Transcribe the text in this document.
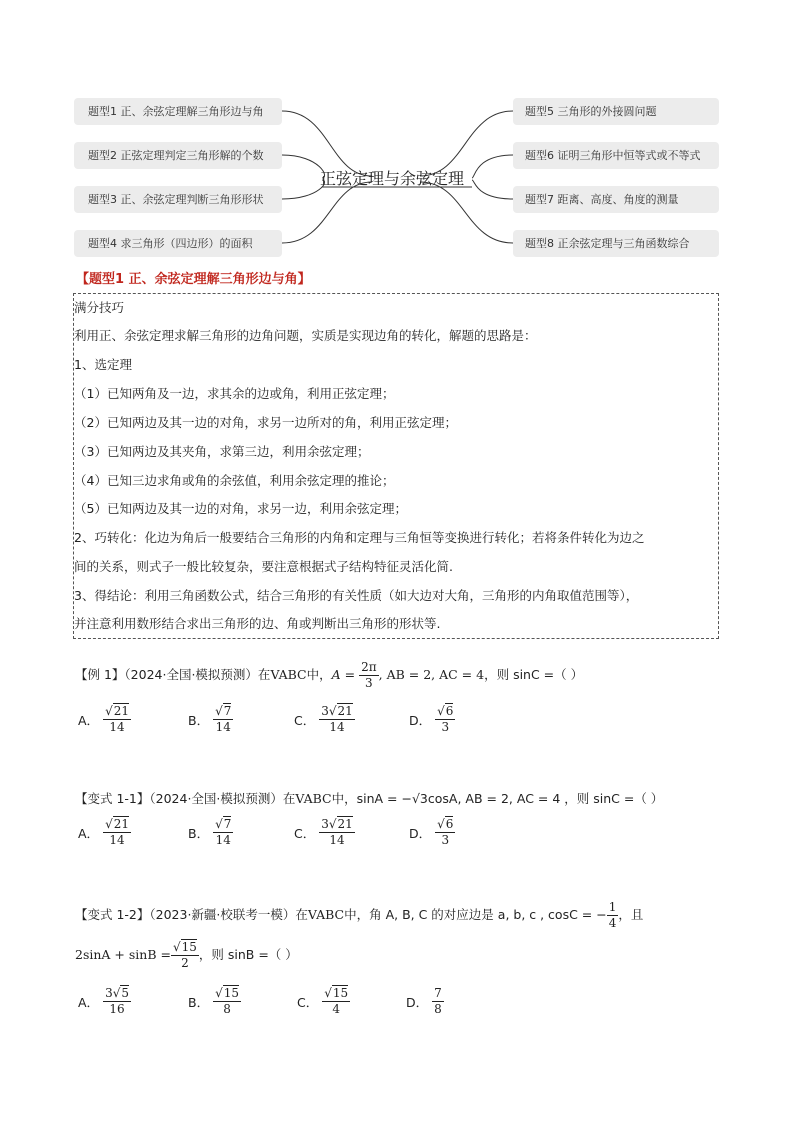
题型1 正、余弦定理解三角形边与角
题型2 正弦定理判定三角形解的个数
题型3 正、余弦定理判断三角形形状
题型4 求三角形（四边形）的面积
题型5 三角形的外接圆问题
题型6 证明三角形中恒等式或不等式
题型7 距离、高度、角度的测量
题型8 正余弦定理与三角函数综合
正弦定理与余弦定理
【题型1 正、余弦定理解三角形边与角】
满分技巧
利用正、余弦定理求解三角形的边角问题，实质是实现边角的转化，解题的思路是：
1、选定理
（1）已知两角及一边，求其余的边或角，利用正弦定理；
（2）已知两边及其一边的对角，求另一边所对的角，利用正弦定理；
（3）已知两边及其夹角，求第三边，利用余弦定理；
（4）已知三边求角或角的余弦值，利用余弦定理的推论；
（5）已知两边及其一边的对角，求另一边，利用余弦定理；
2、巧转化：化边为角后一般要结合三角形的内角和定理与三角恒等变换进行转化；若将条件转化为边之
间的关系，则式子一般比较复杂，要注意根据式子结构特征灵活化简.
3、得结论：利用三角函数公式，结合三角形的有关性质（如大边对大角，三角形的内角取值范围等），
并注意利用数形结合求出三角形的边、角或判断出三角形的形状等.
【例 1】（2024·全国·模拟预测）在VABC中，$A = \frac{2\pi}{3}$ , AB = 2, AC = 4，则 sinC =（ ）
A． $\frac{√21}{14}$	B． $\frac{√7}{14}$	C． $\frac{3√21}{14}$	D． $\frac{√6}{3}$
【变式 1-1】（2024·全国·模拟预测）在VABC中，sinA = −√3cosA, AB = 2, AC = 4 ，则 sinC =（ ）
A． $\frac{√21}{14}$	B． $\frac{√7}{14}$	C． $\frac{3√21}{14}$	D． $\frac{√6}{3}$
【变式 1-2】（2023·新疆·校联考一模）在VABC中，角 A, B, C 的对应边是 a, b, c , cosC = − $\frac{1}{4}$ ，且
$2\sin A + \sin B = \frac{√15}{2}$ ，则 sinB =（ ）
A． $\frac{3√5}{16}$	B． $\frac{√15}{8}$	C． $\frac{√15}{4}$	D． $\frac{7}{8}$
